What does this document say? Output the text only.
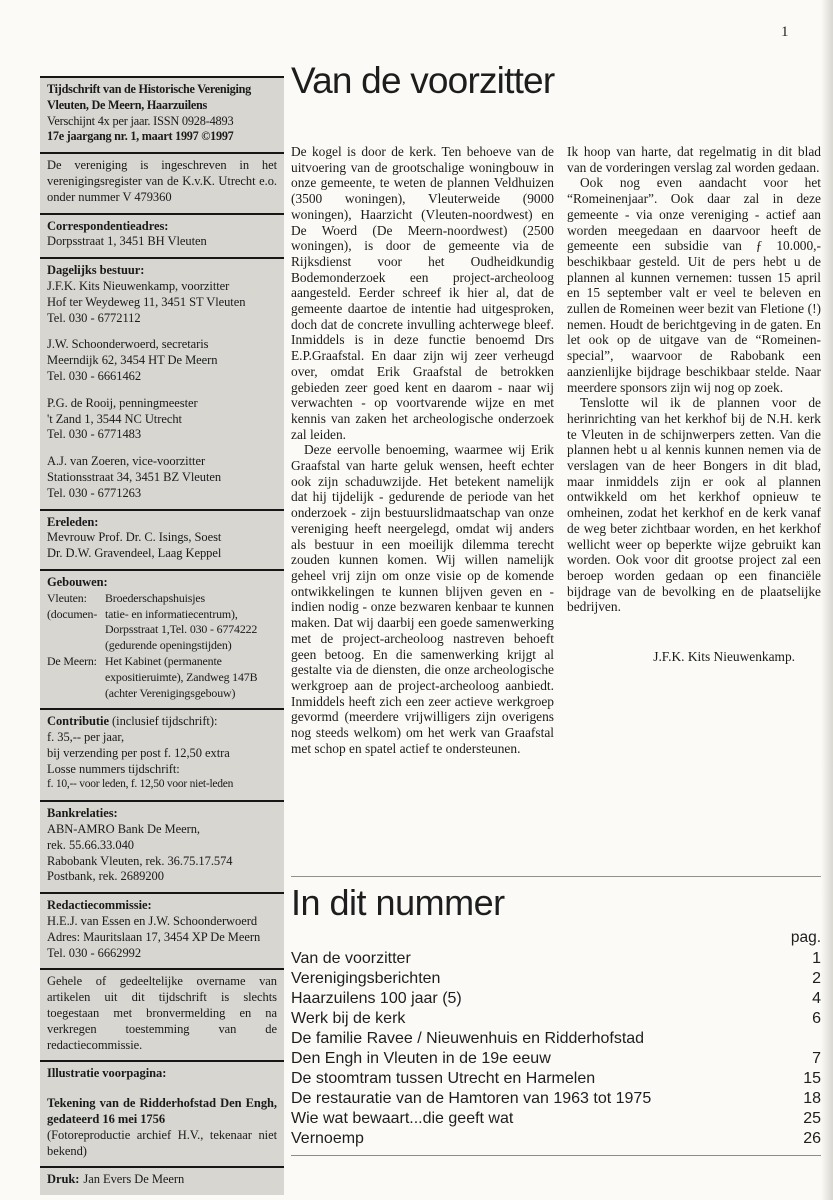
1
Tijdschrift van de Historische Vereniging
Vleuten, De Meern, Haarzuilens
Verschijnt 4x per jaar. ISSN 0928-4893
17e jaargang nr. 1, maart 1997 ©1997
De vereniging is ingeschreven in het verenigingsregister van de K.v.K. Utrecht e.o. onder nummer V 479360
Correspondentieadres:
Dorpsstraat 1, 3451 BH Vleuten
Dagelijks bestuur:
J.F.K. Kits Nieuwenkamp, voorzitter
Hof ter Weydeweg 11, 3451 ST Vleuten
Tel. 030 - 6772112
J.W. Schoonderwoerd, secretaris
Meerndijk 62, 3454 HT De Meern
Tel. 030 - 6661462
P.G. de Rooij, penningmeester
't Zand 1, 3544 NC Utrecht
Tel. 030 - 6771483
A.J. van Zoeren, vice-voorzitter
Stationsstraat 34, 3451 BZ Vleuten
Tel. 030 - 6771263
Ereleden:
Mevrouw Prof. Dr. C. Isings, Soest
Dr. D.W. Gravendeel, Laag Keppel
Gebouwen:
Vleuten:	Broederschapshuisjes
(documen- tatie- en informatiecentrum),
Dorpsstraat 1,Tel. 030 - 6774222
(gedurende openingstijden)
De Meern: Het Kabinet (permanente
expositieruimte), Zandweg 147B
(achter Verenigingsgebouw)
Contributie (inclusief tijdschrift):
f. 35,-- per jaar,
bij verzending per post f. 12,50 extra
Losse nummers tijdschrift:
f. 10,-- voor leden, f. 12,50 voor niet-leden
Bankrelaties:
ABN-AMRO Bank De Meern,
rek. 55.66.33.040
Rabobank Vleuten, rek. 36.75.17.574
Postbank, rek. 2689200
Redactiecommissie:
H.E.J. van Essen en J.W. Schoonderwoerd
Adres: Mauritslaan 17, 3454 XP De Meern
Tel. 030 - 6662992
Gehele of gedeeltelijke overname van artikelen uit dit tijdschrift is slechts toegestaan met bronvermelding en na verkregen toestemming van de redactiecommissie.
Illustratie voorpagina:
Tekening van de Ridderhofstad Den Engh, gedateerd 16 mei 1756
(Fotoreproductie archief H.V., tekenaar niet bekend)
Druk: Jan Evers De Meern
Van de voorzitter

De kogel is door de kerk. Ten behoeve van de uitvoering van de grootschalige woningbouw in onze gemeente, te weten de plannen Veldhuizen (3500 woningen), Vleuterweide (9000 woningen), Haarzicht (Vleuten-noordwest) en De Woerd (De Meern-noordwest) (2500 woningen), is door de gemeente via de Rijksdienst voor het Oudheidkundig Bodemonderzoek een project-archeoloog aangesteld. Eerder schreef ik hier al, dat de gemeente daartoe de intentie had uitgesproken, doch dat de concrete invulling achterwege bleef. Inmiddels is in deze functie benoemd Drs E.P.Graafstal. En daar zijn wij zeer verheugd over, omdat Erik Graafstal de betrokken gebieden zeer goed kent en daarom - naar wij verwachten - op voortvarende wijze en met kennis van zaken het archeologische onderzoek zal leiden.

Deze eervolle benoeming, waarmee wij Erik Graafstal van harte geluk wensen, heeft echter ook zijn schaduwzijde. Het betekent namelijk dat hij tijdelijk - gedurende de periode van het onderzoek - zijn bestuurslidmaatschap van onze vereniging heeft neergelegd, omdat wij anders als bestuur in een moeilijk dilemma terecht zouden kunnen komen. Wij willen namelijk geheel vrij zijn om onze visie op de komende ontwikkelingen te kunnen blijven geven en - indien nodig - onze bezwaren kenbaar te kunnen maken. Dat wij daarbij een goede samenwerking met de project-archeoloog nastreven behoeft geen betoog. En die samenwerking krijgt al gestalte via de diensten, die onze archeologische werkgroep aan de project-archeoloog aanbiedt. Inmiddels heeft zich een zeer actieve werkgroep gevormd (meerdere vrijwilligers zijn overigens nog steeds welkom) om het werk van Graafstal met schop en spatel actief te ondersteunen.

Ik hoop van harte, dat regelmatig in dit blad van de vorderingen verslag zal worden gedaan.

Ook nog even aandacht voor het “Romeinenjaar”. Ook daar zal in deze gemeente - via onze vereniging - actief aan worden meegedaan en daarvoor heeft de gemeente een subsidie van ƒ 10.000,- beschikbaar gesteld. Uit de pers hebt u de plannen al kunnen vernemen: tussen 15 april en 15 september valt er veel te beleven en zullen de Romeinen weer bezit van Fletione (!) nemen. Houdt de berichtgeving in de gaten. En let ook op de uitgave van de “Romeinen-special”, waarvoor de Rabobank een aanzienlijke bijdrage beschikbaar stelde. Naar meerdere sponsors zijn wij nog op zoek.

Tenslotte wil ik de plannen voor de herinrichting van het kerkhof bij de N.H. kerk te Vleuten in de schijnwerpers zetten. Van die plannen hebt u al kennis kunnen nemen via de verslagen van de heer Bongers in dit blad, maar inmiddels zijn er ook al plannen ontwikkeld om het kerkhof opnieuw te omheinen, zodat het kerkhof en de kerk vanaf de weg beter zichtbaar worden, en het kerkhof wellicht weer op beperkte wijze gebruikt kan worden. Ook voor dit grootse project zal een beroep worden gedaan op een financiële bijdrage van de bevolking en de plaatselijke bedrijven.

J.F.K. Kits Nieuwenkamp.
In dit nummer
pag.
Van de voorzitter	1
Verenigingsberichten	2
Haarzuilens 100 jaar (5)	4
Werk bij de kerk	6
De familie Ravee / Nieuwenhuis en Ridderhofstad
Den Engh in Vleuten in de 19e eeuw	7
De stoomtram tussen Utrecht en Harmelen	15
De restauratie van de Hamtoren van 1963 tot 1975	18
Wie wat bewaart...die geeft wat	25
Vernoemp	26
